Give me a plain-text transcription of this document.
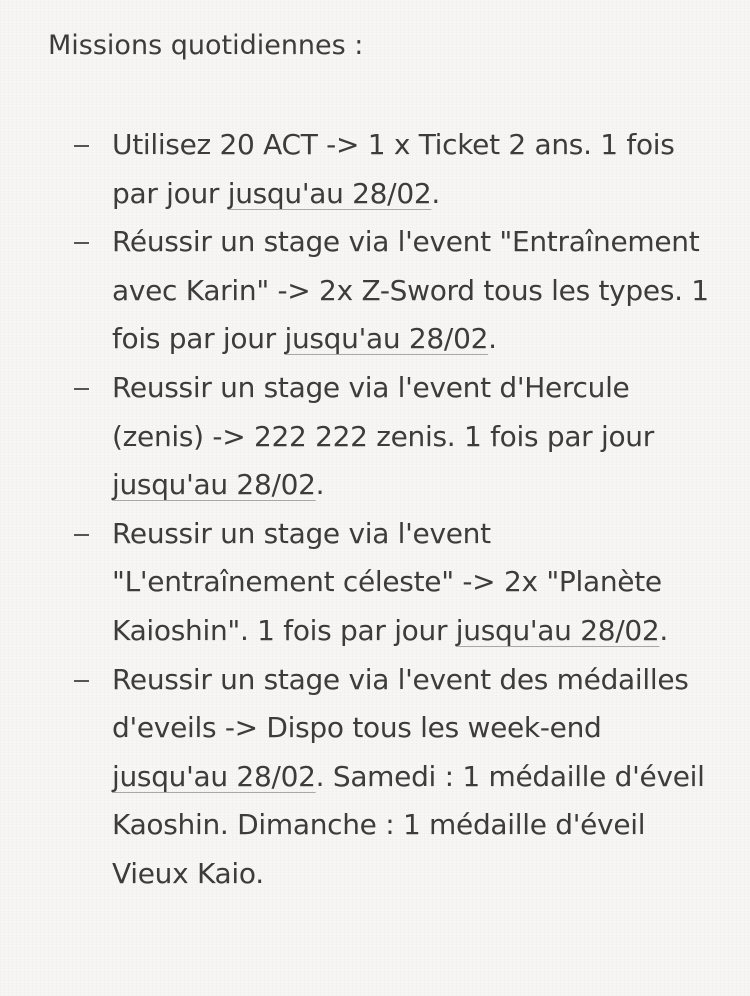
Missions quotidiennes :
Utilisez 20 ACT -> 1 x Ticket 2 ans. 1 fois par jour jusqu'au 28/02.
Réussir un stage via l'event "Entraînement avec Karin" -> 2x Z-Sword tous les types. 1 fois par jour jusqu'au 28/02.
Reussir un stage via l'event d'Hercule (zenis) -> 222 222 zenis. 1 fois par jour jusqu'au 28/02.
Reussir un stage via l'event "L'entraînement céleste" -> 2x "Planète Kaioshin". 1 fois par jour jusqu'au 28/02.
Reussir un stage via l'event des médailles d'eveils -> Dispo tous les week-end jusqu'au 28/02. Samedi : 1 médaille d'éveil Kaoshin. Dimanche : 1 médaille d'éveil Vieux Kaio.
